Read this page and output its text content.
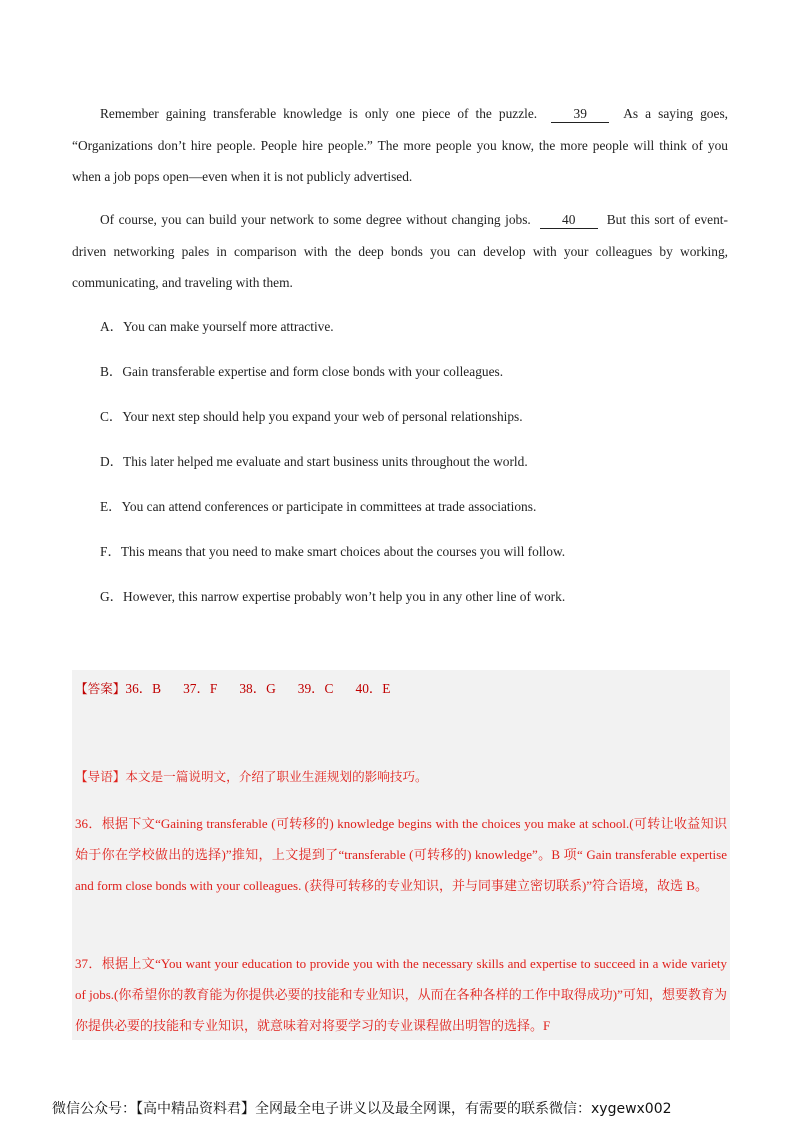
Remember gaining transferable knowledge is only one piece of the puzzle.	39	As a saying goes, “Organizations don’t hire people. People hire people.” The more people you know, the more people will think of you when a job pops open—even when it is not publicly advertised.

Of course, you can build your network to some degree without changing jobs. 40 But this sort of event-driven networking pales in comparison with the deep bonds you can develop with your colleagues by working, communicating, and traveling with them.

A．You can make yourself more attractive.

B．Gain transferable expertise and form close bonds with your colleagues.

C．Your next step should help you expand your web of personal relationships.

D．This later helped me evaluate and start business units throughout the world.

E．You can attend conferences or participate in committees at trade associations.

F．This means that you need to make smart choices about the courses you will follow.

G．However, this narrow expertise probably won’t help you in any other line of work.

【答案】36．B 37．F 38．G 39．C 40．E
【导语】本文是一篇说明文，介绍了职业生涯规划的影响技巧。

36．根据下文“Gaining transferable (可转移的) knowledge begins with the choices you make at school.(可转让收益知识始于你在学校做出的选择)”推知，上文提到了“transferable (可转移的) knowledge”。B 项“ Gain transferable expertise and form close bonds with your colleagues. (获得可转移的专业知识，并与同事建立密切联系)”符合语境，故选 B。

37．根据上文“You want your education to provide you with the necessary skills and expertise to succeed in a wide variety of jobs.(你希望你的教育能为你提供必要的技能和专业知识，从而在各种各样的工作中取得成功)”可知，想要教育为你提供必要的技能和专业知识，就意味着对将要学习的专业课程做出明智的选择。F

微信公众号：【高中精品资料君】全网最全电子讲义以及最全网课，有需要的联系微信：xygewx002
